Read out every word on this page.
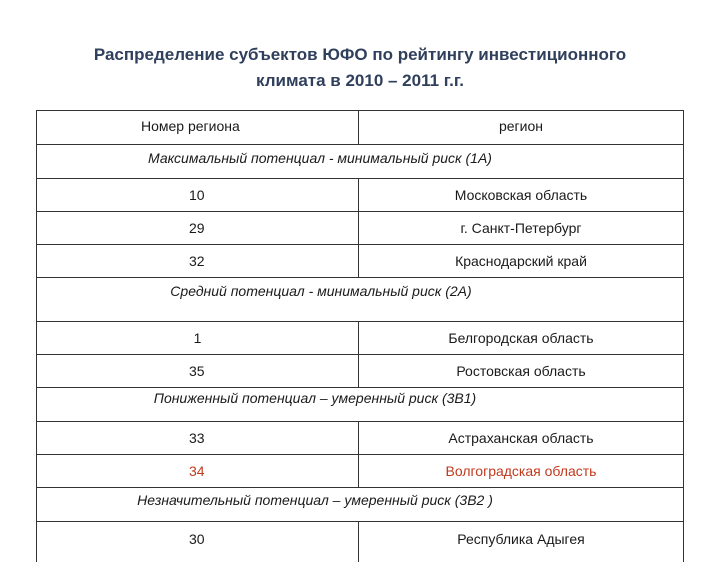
Распределение субъектов ЮФО по рейтингу инвестиционного
климата в 2010 – 2011 г.г.
Номер региона	регион
Максимальный потенциал - минимальный риск (1А)
10	Московская область
29	г. Санкт-Петербург
32	Краснодарский край
Средний потенциал - минимальный риск (2А)
1	Белгородская область
35	Ростовская область
Пониженный потенциал – умеренный риск (3В1)
33	Астраханская область
34	Волгоградская область
Незначительный потенциал – умеренный риск (3В2 )
30	Республика Адыгея
